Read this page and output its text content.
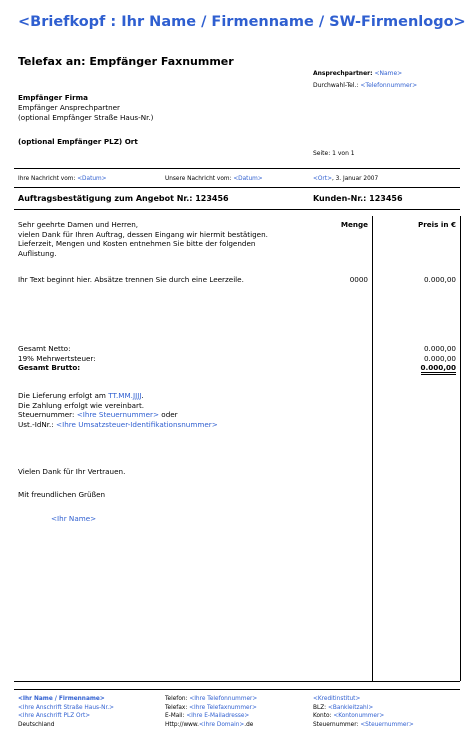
<Briefkopf : Ihr Name / Firmenname / SW-Firmenlogo>
Telefax an: Empfänger Faxnummer
Ansprechpartner: <Name>
Durchwahl-Tel.: <Telefonnummer>
Empfänger Firma
Empfänger Ansprechpartner
(optional Empfänger Straße Haus-Nr.)
(optional Empfänger PLZ) Ort
Seite: 1 von 1
Ihre Nachricht vom: <Datum>	Unsere Nachricht vom: <Datum>	<Ort>, 3. Januar 2007
Auftragsbestätigung zum Angebot Nr.: 123456	Kunden-Nr.: 123456
Menge	Preis in €
Sehr geehrte Damen und Herren,
vielen Dank für Ihren Auftrag, dessen Eingang wir hiermit bestätigen.
Lieferzeit, Mengen und Kosten entnehmen Sie bitte der folgenden
Auflistung.
Ihr Text beginnt hier. Absätze trennen Sie durch eine Leerzeile.	0000	0.000,00
Gesamt Netto:	0.000,00
19% Mehrwertsteuer:	0.000,00
Gesamt Brutto:	0.000,00
Die Lieferung erfolgt am TT.MM.JJJJ.
Die Zahlung erfolgt wie vereinbart.
Steuernummer: <Ihre Steuernummer> oder
Ust.-IdNr.: <Ihre Umsatzsteuer-Identifikationsnummer>
Vielen Dank für Ihr Vertrauen.
Mit freundlichen Grüßen
<Ihr Name>
<Ihr Name / Firmenname>
<Ihre Anschrift Straße Haus-Nr.>
<Ihre Anschrift PLZ Ort>
Deutschland
Telefon: <Ihre Telefonnummer>
Telefax: <Ihre Telefaxnummer>
E-Mail: <Ihre E-Mailadresse>
Http://www.<Ihre Domain>.de
<Kreditinstitut>
BLZ: <Bankleitzahl>
Konto: <Kontonummer>
Steuernummer: <Steuernummer>
